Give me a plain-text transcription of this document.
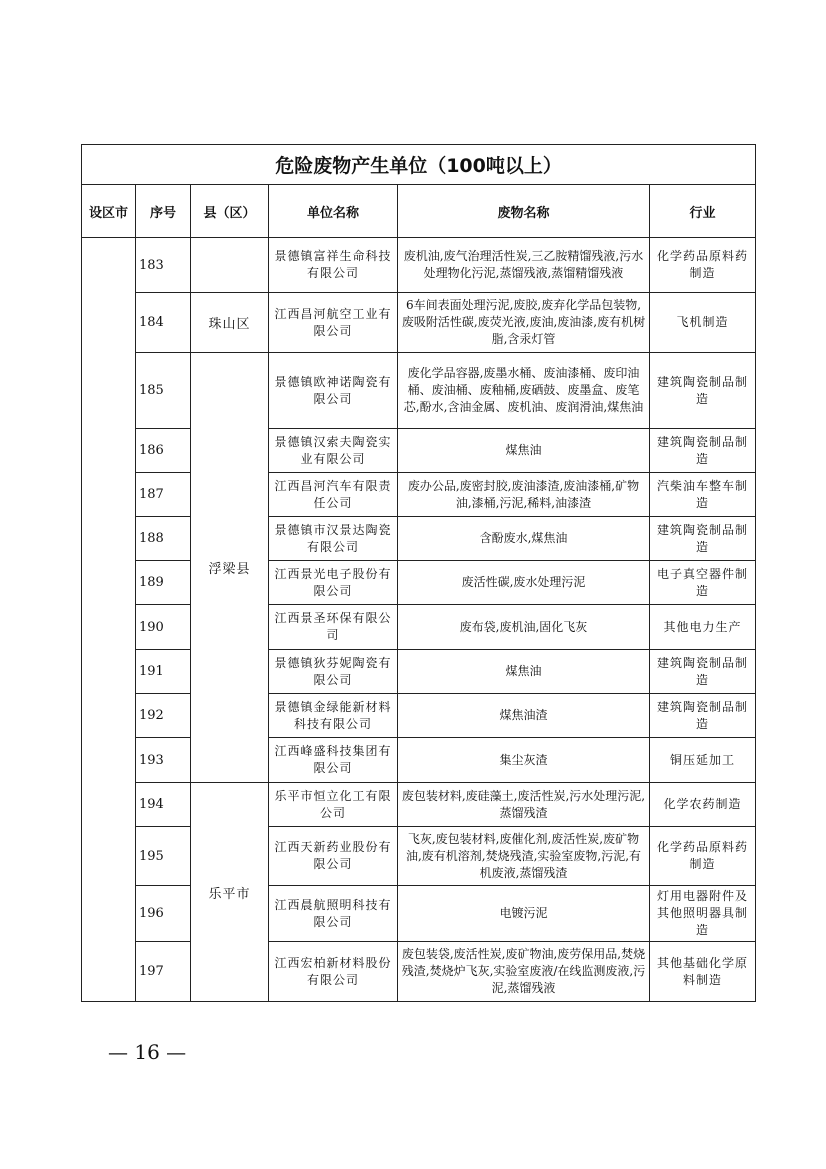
危险废物产生单位（100吨以上）					
设区市	序号	县（区）	单位名称	废物名称	行业
	183		景德镇富祥生命科技有限公司	废机油,废气治理活性炭,三乙胺精馏残液,污水处理物化污泥,蒸馏残液,蒸馏精馏残液	化学药品原料药制造
	184	珠山区	江西昌河航空工业有限公司	6车间表面处理污泥,废胶,废弃化学品包装物,废吸附活性碳,废荧光液,废油,废油漆,废有机树脂,含汞灯管	飞机制造
	185	浮梁县	景德镇欧神诺陶瓷有限公司	废化学品容器,废墨水桶、废油漆桶、废印油桶、废油桶、废釉桶,废硒鼓、废墨盒、废笔芯,酚水,含油金属、废机油、废润滑油,煤焦油	建筑陶瓷制品制造
	186		景德镇汉索夫陶瓷实业有限公司	煤焦油	建筑陶瓷制品制造
	187		江西昌河汽车有限责任公司	废办公品,废密封胶,废油漆渣,废油漆桶,矿物油,漆桶,污泥,稀料,油漆渣	汽柴油车整车制造
	188		景德镇市汉景达陶瓷有限公司	含酚废水,煤焦油	建筑陶瓷制品制造
	189		江西景光电子股份有限公司	废活性碳,废水处理污泥	电子真空器件制造
	190		江西景圣环保有限公司	废布袋,废机油,固化飞灰	其他电力生产
	191		景德镇狄芬妮陶瓷有限公司	煤焦油	建筑陶瓷制品制造
	192		景德镇金绿能新材料科技有限公司	煤焦油渣	建筑陶瓷制品制造
	193		江西峰盛科技集团有限公司	集尘灰渣	铜压延加工
	194	乐平市	乐平市恒立化工有限公司	废包装材料,废硅藻土,废活性炭,污水处理污泥,蒸馏残渣	化学农药制造
	195		江西天新药业股份有限公司	飞灰,废包装材料,废催化剂,废活性炭,废矿物油,废有机溶剂,焚烧残渣,实验室废物,污泥,有机废液,蒸馏残渣	化学药品原料药制造
	196		江西晨航照明科技有限公司	电镀污泥	灯用电器附件及其他照明器具制造
	197		江西宏柏新材料股份有限公司	废包装袋,废活性炭,废矿物油,废劳保用品,焚烧残渣,焚烧炉飞灰,实验室废液/在线监测废液,污泥,蒸馏残液	其他基础化学原料制造
— 16 —
